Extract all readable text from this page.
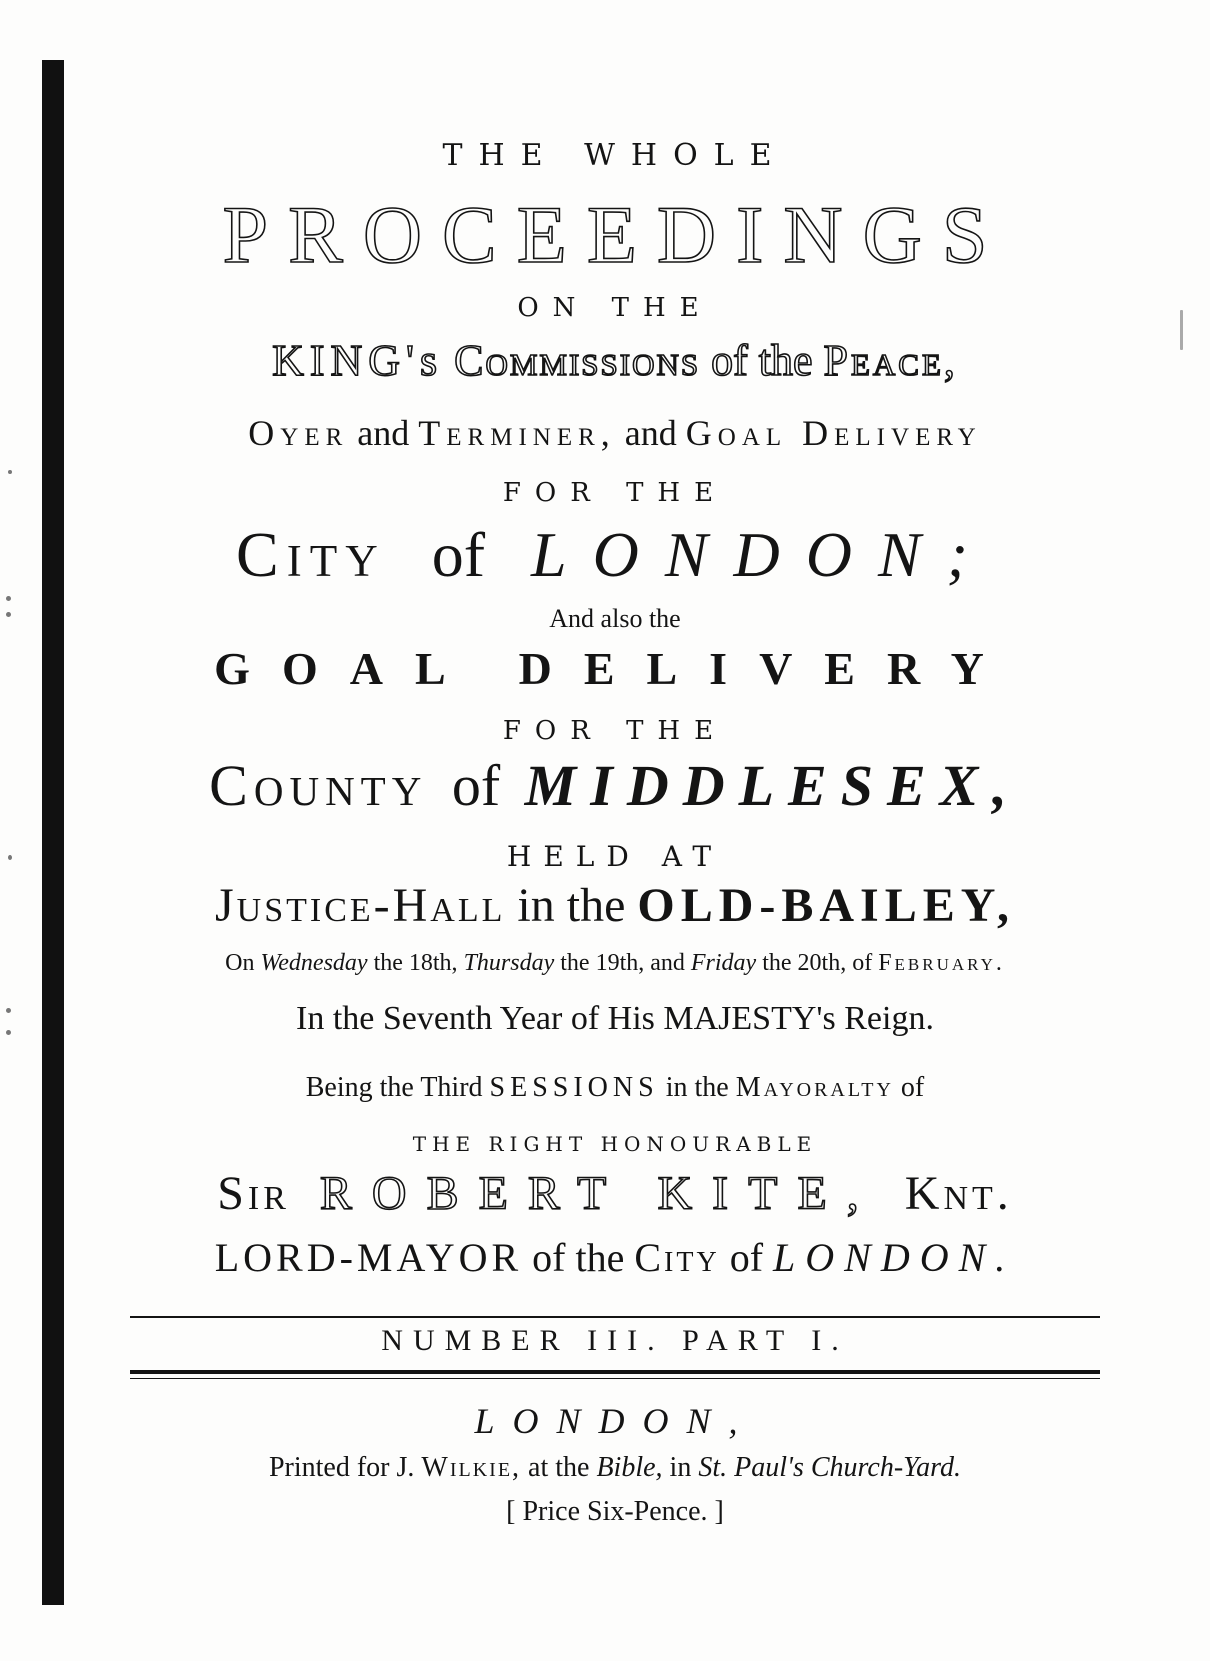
THE WHOLE
PROCEEDINGS
ON THE
KING's Commissions of the Peace,
Oyer and Terminer, and Goal Delivery
FOR THE
City of LONDON;
And also the
GOAL DELIVERY
FOR THE
County of MIDDLESEX,
HELD AT
Justice-Hall in the OLD-BAILEY,
On Wednesday the 18th, Thursday the 19th, and Friday the 20th, of February.
In the Seventh Year of His MAJESTY's Reign.
Being the Third SESSIONS in the Mayoralty of
THE RIGHT HONOURABLE
Sir ROBERT KITE, Knt.
LORD-MAYOR of the City of LONDON.
NUMBER III. PART I.
LONDON,
Printed for J. Wilkie, at the Bible, in St. Paul's Church-Yard.
[ Price Six-Pence. ]
